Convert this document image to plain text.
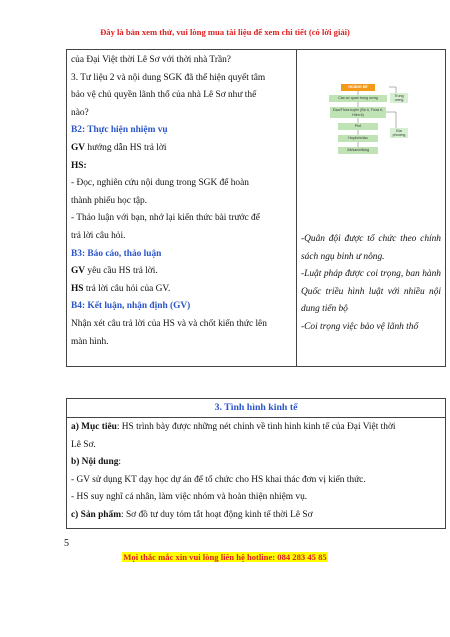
Đây là bản xem thử, vui lòng mua tài liệu để xem chi tiết (có lời giải)

của Đại Việt thời Lê Sơ với thời nhà Trần?

3. Tư liệu 2 và nội dung SGK đã thể hiện quyết tâm

bảo vệ chủ quyền lãnh thổ của nhà Lê Sơ như thế

nào?

B2: Thực hiện nhiệm vụ

GV hướng dẫn HS trả lời

HS:

- Đọc, nghiên cứu nội dung trong SGK để hoàn

thành phiếu học tập.

- Thảo luận với bạn, nhớ lại kiến thức bài trước để

trả lời câu hỏi.

B3: Báo cáo, thảo luận

GV yêu cầu HS trả lời.

HS trả lời câu hỏi của GV.

B4: Kết luận, nhận định (GV)

Nhận xét câu trả lời của HS và và chốt kiến thức lên

màn hình.

HOÀNG ĐẾ
Các cơ quan trung ương
Trung ương
Đạo/Thừa tuyên (Bộ ti, Thừa ti, Hiến ti)
Phủ
Địa phương
Huyện/châu
Xã/sách/động

-Quân đội được tổ chức theo chính sách ngụ binh ư nông.

-Luật pháp được coi trọng, ban hành Quốc triều hình luật với nhiều nội dung tiến bộ

-Coi trọng việc bảo vệ lãnh thổ

3. Tình hình kinh tế

a) Mục tiêu: HS trình bày được những nét chính về tình hình kinh tế của Đại Việt thời

Lê Sơ.

b) Nội dung:

- GV sử dụng KT dạy học dự án để tổ chức cho HS khai thác đơn vị kiến thức.

- HS suy nghĩ cá nhân, làm việc nhóm và hoàn thiện nhiệm vụ.

c) Sản phẩm: Sơ đồ tư duy tóm tắt hoạt động kinh tế thời Lê Sơ

5
Mọi thắc mắc xin vui lòng liên hệ hotline: 084 283 45 85
